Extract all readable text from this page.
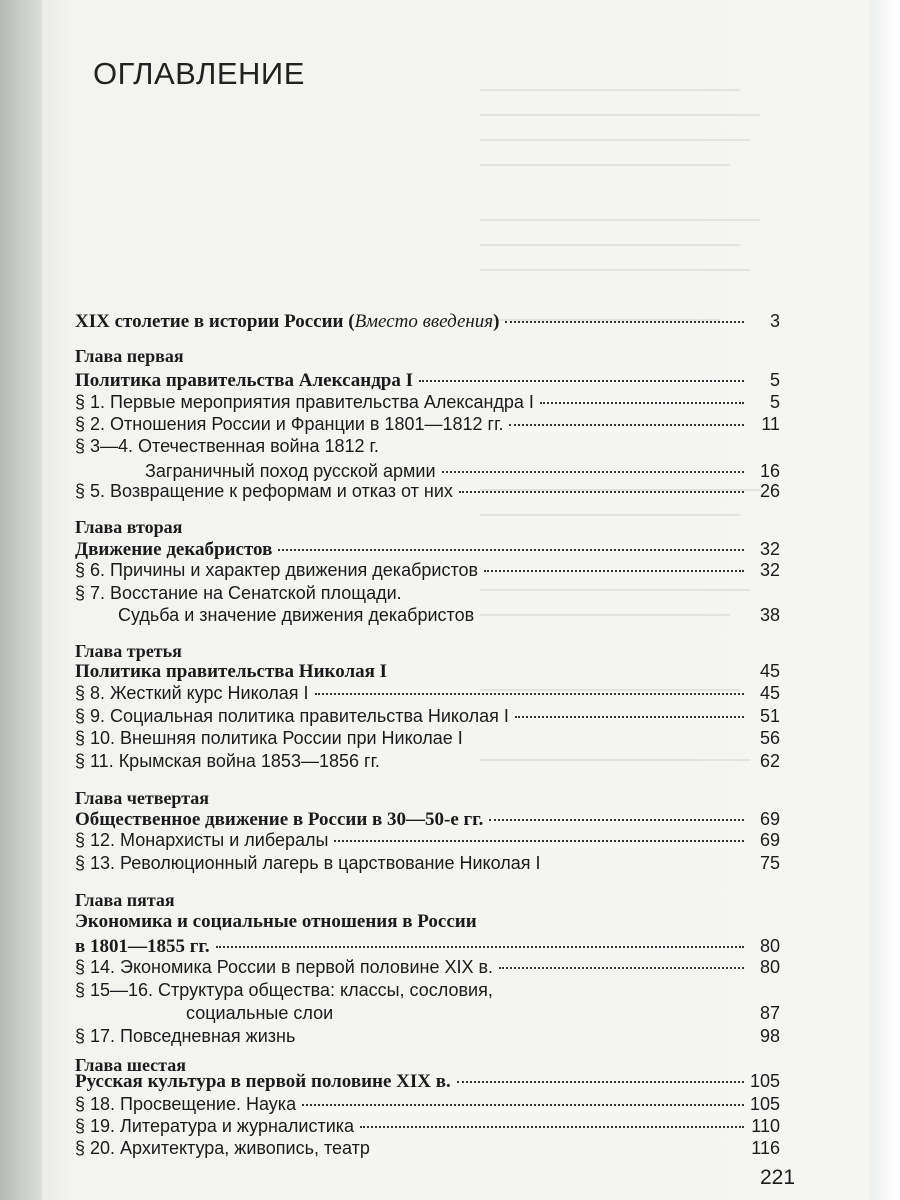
ОГЛАВЛЕНИЕ
XIX столетие в истории России ( Вместо введения )	3
Глава первая
Политика правительства Александра I	5
§ 1. Первые мероприятия правительства Александра I	5
§ 2. Отношения России и Франции в 1801—1812 гг.	11
§ 3—4. Отечественная война 1812 г.
Заграничный поход русской армии	16
§ 5. Возвращение к реформам и отказ от них	26
Глава вторая
Движение декабристов	32
§ 6. Причины и характер движения декабристов	32
§ 7. Восстание на Сенатской площади.
Судьба и значение движения декабристов	38
Глава третья
Политика правительства Николая I	45
§ 8. Жесткий курс Николая I	45
§ 9. Социальная политика правительства Николая I	51
§ 10. Внешняя политика России при Николае I	56
§ 11. Крымская война 1853—1856 гг.	62
Глава четвертая
Общественное движение в России в 30—50-е гг.	69
§ 12. Монархисты и либералы	69
§ 13. Революционный лагерь в царствование Николая I	75
Глава пятая
Экономика и социальные отношения в России
в 1801—1855 гг.	80
§ 14. Экономика России в первой половине XIX в.	80
§ 15—16. Структура общества: классы, сословия,
социальные слои	87
§ 17. Повседневная жизнь	98
Глава шестая
Русская культура в первой половине XIX в.	105
§ 18. Просвещение. Наука	105
§ 19. Литература и журналистика	110
§ 20. Архитектура, живопись, театр	116
221
